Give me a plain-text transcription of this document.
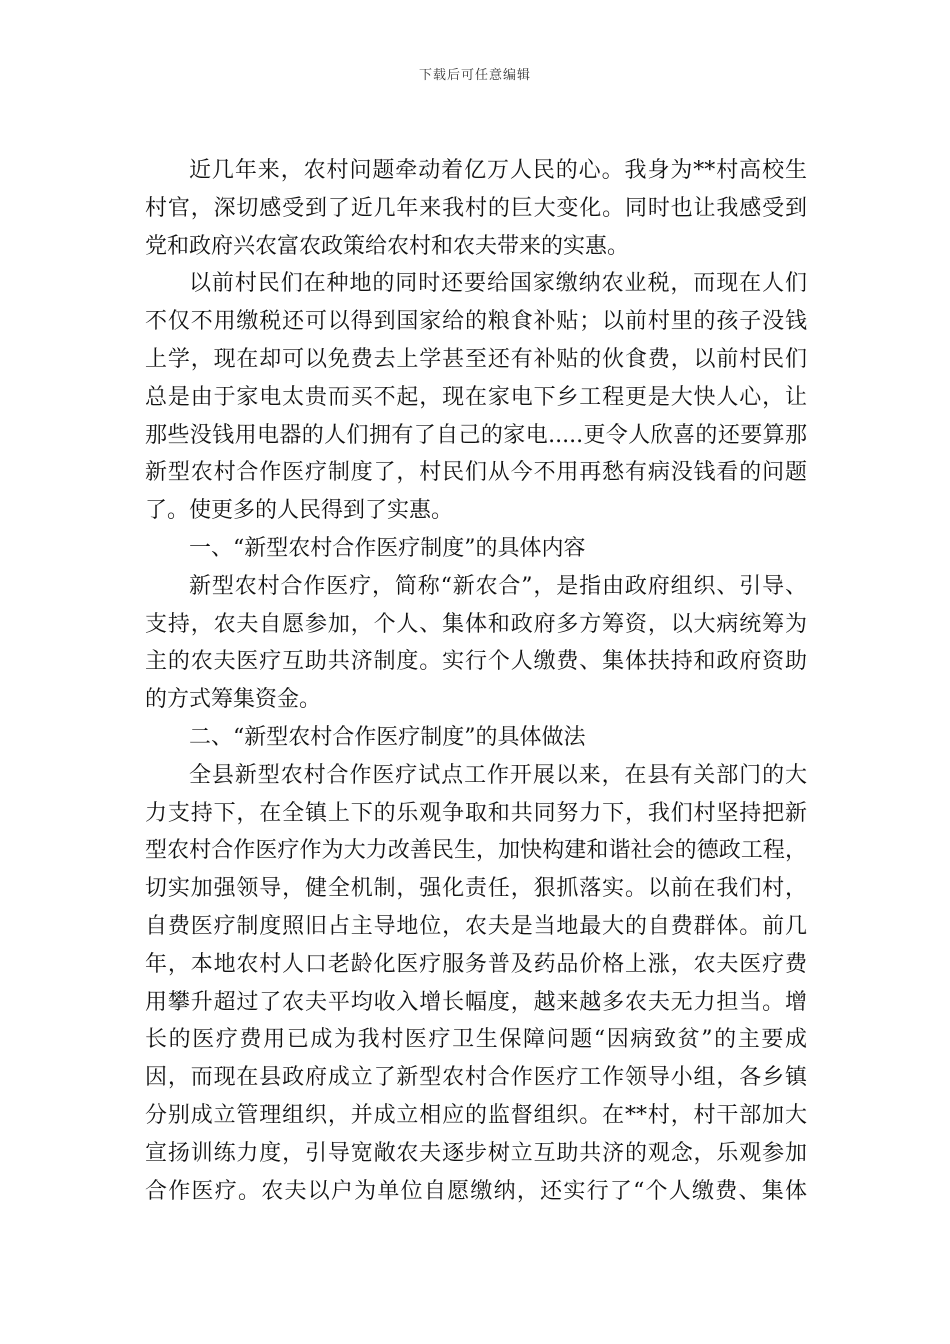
下载后可任意编辑
近几年来，农村问题牵动着亿万人民的心。我身为**村高校生
村官，深切感受到了近几年来我村的巨大变化。同时也让我感受到
党和政府兴农富农政策给农村和农夫带来的实惠。
以前村民们在种地的同时还要给国家缴纳农业税，而现在人们
不仅不用缴税还可以得到国家给的粮食补贴；以前村里的孩子没钱
上学，现在却可以免费去上学甚至还有补贴的伙食费，以前村民们
总是由于家电太贵而买不起，现在家电下乡工程更是大快人心，让
那些没钱用电器的人们拥有了自己的家电.....更令人欣喜的还要算那
新型农村合作医疗制度了，村民们从今不用再愁有病没钱看的问题
了。使更多的人民得到了实惠。
一、“新型农村合作医疗制度”的具体内容
新型农村合作医疗，简称“新农合”，是指由政府组织、引导、
支持，农夫自愿参加，个人、集体和政府多方筹资，以大病统筹为
主的农夫医疗互助共济制度。实行个人缴费、集体扶持和政府资助
的方式筹集资金。
二、“新型农村合作医疗制度”的具体做法
全县新型农村合作医疗试点工作开展以来，在县有关部门的大
力支持下，在全镇上下的乐观争取和共同努力下，我们村坚持把新
型农村合作医疗作为大力改善民生，加快构建和谐社会的德政工程，
切实加强领导，健全机制，强化责任，狠抓落实。以前在我们村，
自费医疗制度照旧占主导地位，农夫是当地最大的自费群体。前几
年，本地农村人口老龄化医疗服务普及药品价格上涨，农夫医疗费
用攀升超过了农夫平均收入增长幅度，越来越多农夫无力担当。增
长的医疗费用已成为我村医疗卫生保障问题“因病致贫”的主要成
因，而现在县政府成立了新型农村合作医疗工作领导小组，各乡镇
分别成立管理组织，并成立相应的监督组织。在**村，村干部加大
宣扬训练力度，引导宽敞农夫逐步树立互助共济的观念，乐观参加
合作医疗。农夫以户为单位自愿缴纳，还实行了“个人缴费、集体
